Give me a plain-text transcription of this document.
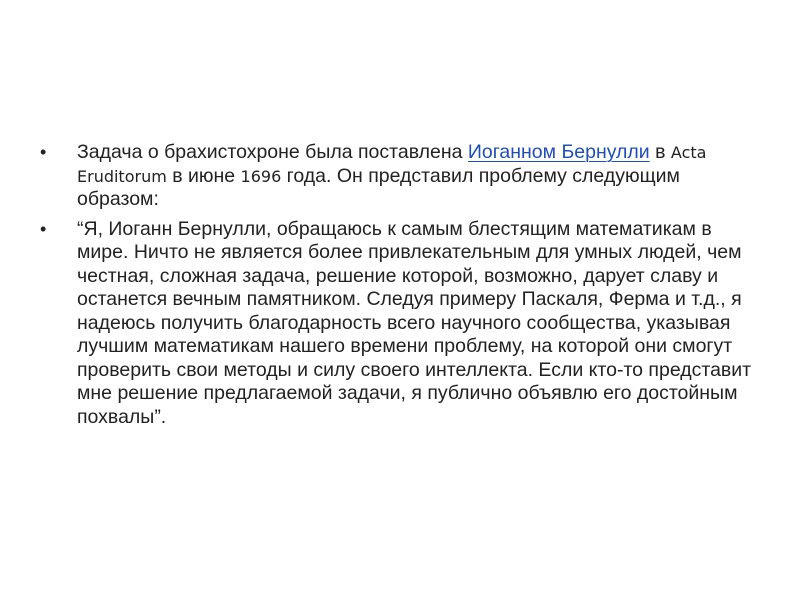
•	Задача о брахистохроне была поставлена Иоганном Бернулли в Acta Eruditorum в июне 1696 года. Он представил проблему следующим образом:
•	“Я, Иоганн Бернулли, обращаюсь к самым блестящим математикам в мире. Ничто не является более привлекательным для умных людей, чем честная, сложная задача, решение которой, возможно, дарует славу и останется вечным памятником. Следуя примеру Паскаля, Ферма и т.д., я надеюсь получить благодарность всего научного сообщества, указывая лучшим математикам нашего времени проблему, на которой они смогут проверить свои методы и силу своего интеллекта. Если кто-то представит мне решение предлагаемой задачи, я публично объявлю его достойным похвалы”.
